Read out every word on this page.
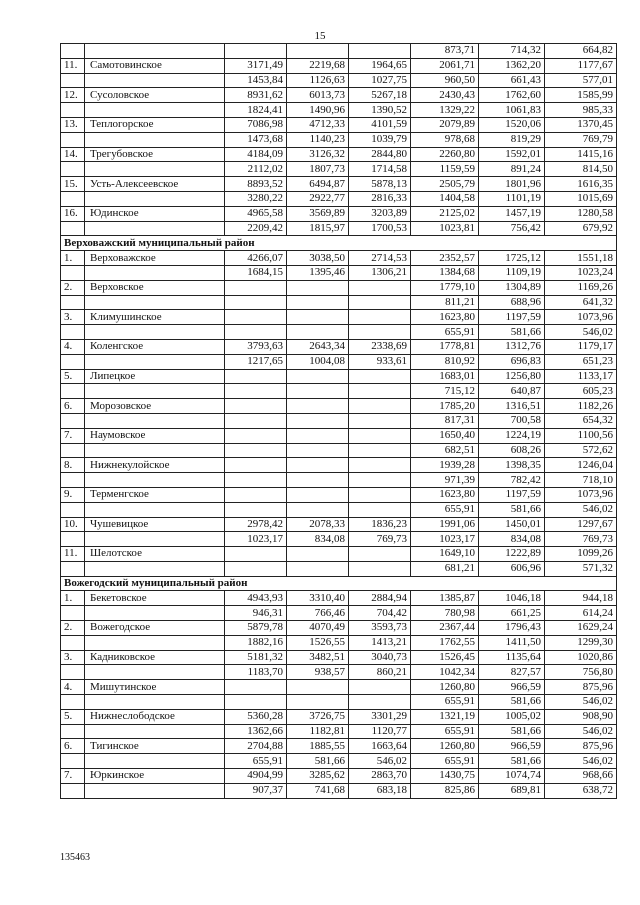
15
					873,71	714,32	664,82
11.	Самотовинское	3171,49	2219,68	1964,65	2061,71	1362,20	1177,67
		1453,84	1126,63	1027,75	960,50	661,43	577,01
12.	Сусоловское	8931,62	6013,73	5267,18	2430,43	1762,60	1585,99
		1824,41	1490,96	1390,52	1329,22	1061,83	985,33
13.	Теплогорское	7086,98	4712,33	4101,59	2079,89	1520,06	1370,45
		1473,68	1140,23	1039,79	978,68	819,29	769,79
14.	Трегубовское	4184,09	3126,32	2844,80	2260,80	1592,01	1415,16
		2112,02	1807,73	1714,58	1159,59	891,24	814,50
15.	Усть-Алексеевское	8893,52	6494,87	5878,13	2505,79	1801,96	1616,35
		3280,22	2922,77	2816,33	1404,58	1101,19	1015,69
16.	Юдинское	4965,58	3569,89	3203,89	2125,02	1457,19	1280,58
		2209,42	1815,97	1700,53	1023,81	756,42	679,92
Верховажский муниципальный район							
1.	Верховажское	4266,07	3038,50	2714,53	2352,57	1725,12	1551,18
		1684,15	1395,46	1306,21	1384,68	1109,19	1023,24
2.	Верховское				1779,10	1304,89	1169,26
					811,21	688,96	641,32
3.	Климушинское				1623,80	1197,59	1073,96
					655,91	581,66	546,02
4.	Коленгское	3793,63	2643,34	2338,69	1778,81	1312,76	1179,17
		1217,65	1004,08	933,61	810,92	696,83	651,23
5.	Липецкое				1683,01	1256,80	1133,17
					715,12	640,87	605,23
6.	Морозовское				1785,20	1316,51	1182,26
					817,31	700,58	654,32
7.	Наумовское				1650,40	1224,19	1100,56
					682,51	608,26	572,62
8.	Нижнекулойское				1939,28	1398,35	1246,04
					971,39	782,42	718,10
9.	Терменгское				1623,80	1197,59	1073,96
					655,91	581,66	546,02
10.	Чушевицкое	2978,42	2078,33	1836,23	1991,06	1450,01	1297,67
		1023,17	834,08	769,73	1023,17	834,08	769,73
11.	Шелотское				1649,10	1222,89	1099,26
					681,21	606,96	571,32
Вожегодский муниципальный район							
1.	Бекетовское	4943,93	3310,40	2884,94	1385,87	1046,18	944,18
		946,31	766,46	704,42	780,98	661,25	614,24
2.	Вожегодское	5879,78	4070,49	3593,73	2367,44	1796,43	1629,24
		1882,16	1526,55	1413,21	1762,55	1411,50	1299,30
3.	Кадниковское	5181,32	3482,51	3040,73	1526,45	1135,64	1020,86
		1183,70	938,57	860,21	1042,34	827,57	756,80
4.	Мишутинское				1260,80	966,59	875,96
					655,91	581,66	546,02
5.	Нижнеслободское	5360,28	3726,75	3301,29	1321,19	1005,02	908,90
		1362,66	1182,81	1120,77	655,91	581,66	546,02
6.	Тигинское	2704,88	1885,55	1663,64	1260,80	966,59	875,96
		655,91	581,66	546,02	655,91	581,66	546,02
7.	Юркинское	4904,99	3285,62	2863,70	1430,75	1074,74	968,66
		907,37	741,68	683,18	825,86	689,81	638,72
135463
